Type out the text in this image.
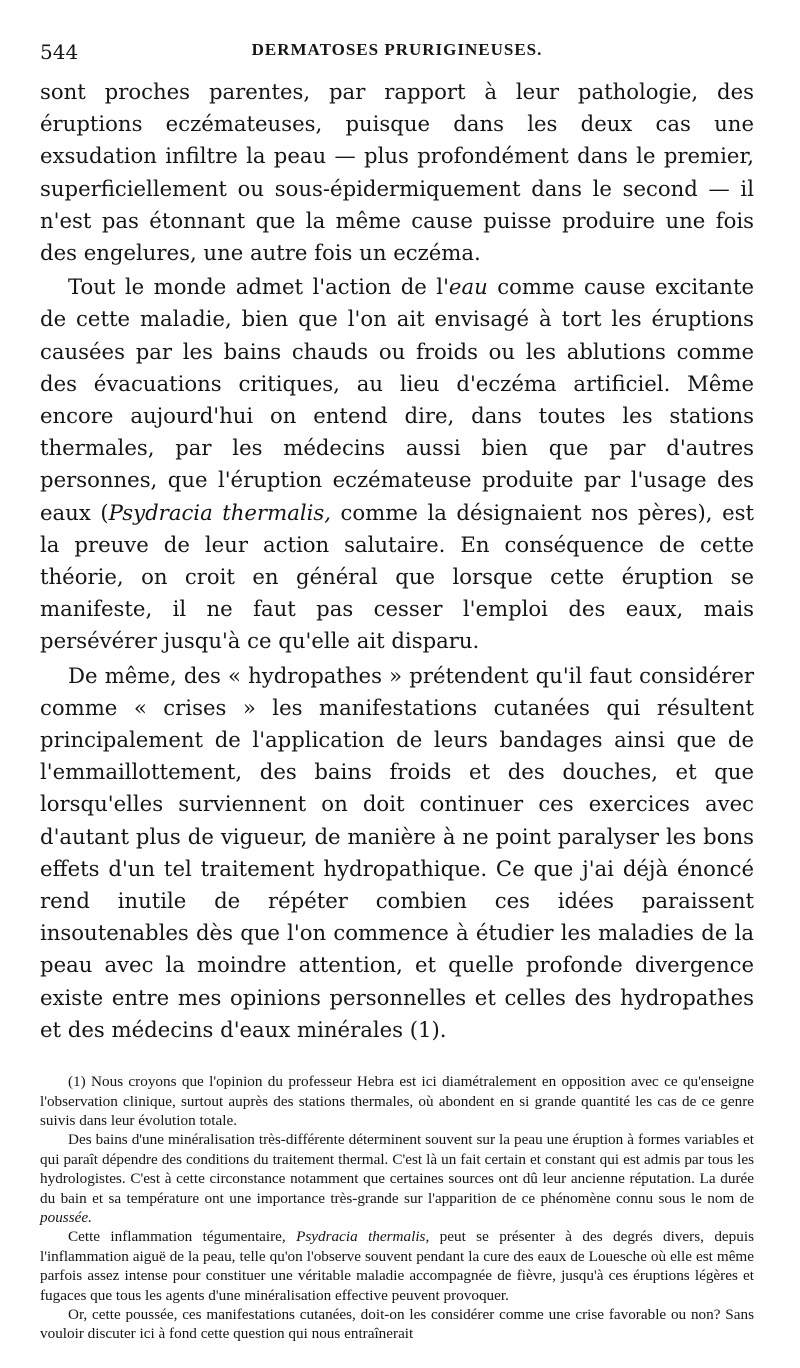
544	DERMATOSES PRURIGINEUSES.

sont proches parentes, par rapport à leur pathologie, des éruptions eczémateuses, puisque dans les deux cas une exsudation infiltre la peau — plus profondément dans le premier, superficiellement ou sous-épidermiquement dans le second — il n'est pas étonnant que la même cause puisse produire une fois des engelures, une autre fois un eczéma.

Tout le monde admet l'action de l'eau comme cause excitante de cette maladie, bien que l'on ait envisagé à tort les éruptions causées par les bains chauds ou froids ou les ablutions comme des évacuations critiques, au lieu d'eczéma artificiel. Même encore aujourd'hui on entend dire, dans toutes les stations thermales, par les médecins aussi bien que par d'autres personnes, que l'éruption eczémateuse produite par l'usage des eaux (Psydracia thermalis, comme la désignaient nos pères), est la preuve de leur action salutaire. En conséquence de cette théorie, on croit en général que lorsque cette éruption se manifeste, il ne faut pas cesser l'emploi des eaux, mais persévérer jusqu'à ce qu'elle ait disparu.

De même, des « hydropathes » prétendent qu'il faut considérer comme « crises » les manifestations cutanées qui résultent principalement de l'application de leurs bandages ainsi que de l'emmaillottement, des bains froids et des douches, et que lorsqu'elles surviennent on doit continuer ces exercices avec d'autant plus de vigueur, de manière à ne point paralyser les bons effets d'un tel traitement hydropathique. Ce que j'ai déjà énoncé rend inutile de répéter combien ces idées paraissent insoutenables dès que l'on commence à étudier les maladies de la peau avec la moindre attention, et quelle profonde divergence existe entre mes opinions personnelles et celles des hydropathes et des médecins d'eaux minérales (1).

(1) Nous croyons que l'opinion du professeur Hebra est ici diamétralement en opposition avec ce qu'enseigne l'observation clinique, surtout auprès des stations thermales, où abondent en si grande quantité les cas de ce genre suivis dans leur évolution totale.

Des bains d'une minéralisation très-différente déterminent souvent sur la peau une éruption à formes variables et qui paraît dépendre des conditions du traitement thermal. C'est là un fait certain et constant qui est admis par tous les hydrologistes. C'est à cette circonstance notamment que certaines sources ont dû leur ancienne réputation. La durée du bain et sa température ont une importance très-grande sur l'apparition de ce phénomène connu sous le nom de poussée.

Cette inflammation tégumentaire, Psydracia thermalis, peut se présenter à des degrés divers, depuis l'inflammation aiguë de la peau, telle qu'on l'observe souvent pendant la cure des eaux de Louesche où elle est même parfois assez intense pour constituer une véritable maladie accompagnée de fièvre, jusqu'à ces éruptions légères et fugaces que tous les agents d'une minéralisation effective peuvent provoquer.

Or, cette poussée, ces manifestations cutanées, doit-on les considérer comme une crise favorable ou non? Sans vouloir discuter ici à fond cette question qui nous entraînerait
